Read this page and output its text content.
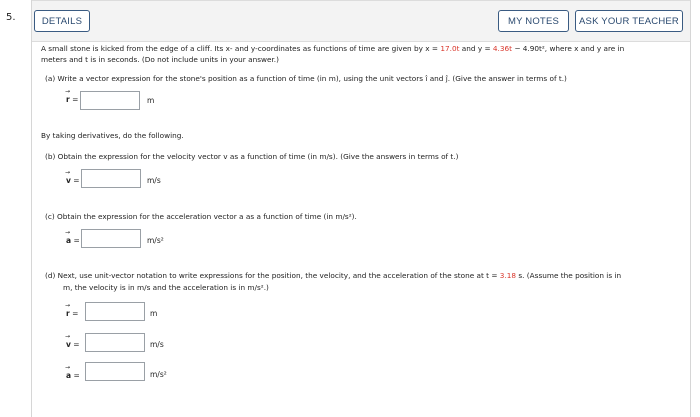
5.	DETAILS	MY NOTES	ASK YOUR TEACHER
A small stone is kicked from the edge of a cliff. Its x- and y-coordinates as functions of time are given by x = 17.0t and y = 4.36t − 4.90t², where x and y are in
meters and t is in seconds. (Do not include units in your answer.)
(a) Write a vector expression for the stone's position as a function of time (in m), using the unit vectors î and ĵ. (Give the answer in terms of t.)
→ r =	m
By taking derivatives, do the following.
(b) Obtain the expression for the velocity vector v as a function of time (in m/s). (Give the answers in terms of t.)
→ v =	m/s
(c) Obtain the expression for the acceleration vector a as a function of time (in m/s²).
→ a =	m/s²
(d) Next, use unit-vector notation to write expressions for the position, the velocity, and the acceleration of the stone at t = 3.18 s. (Assume the position is in
m, the velocity is in m/s and the acceleration is in m/s².)
→ r =	m
→ v =	m/s
→ a =	m/s²
